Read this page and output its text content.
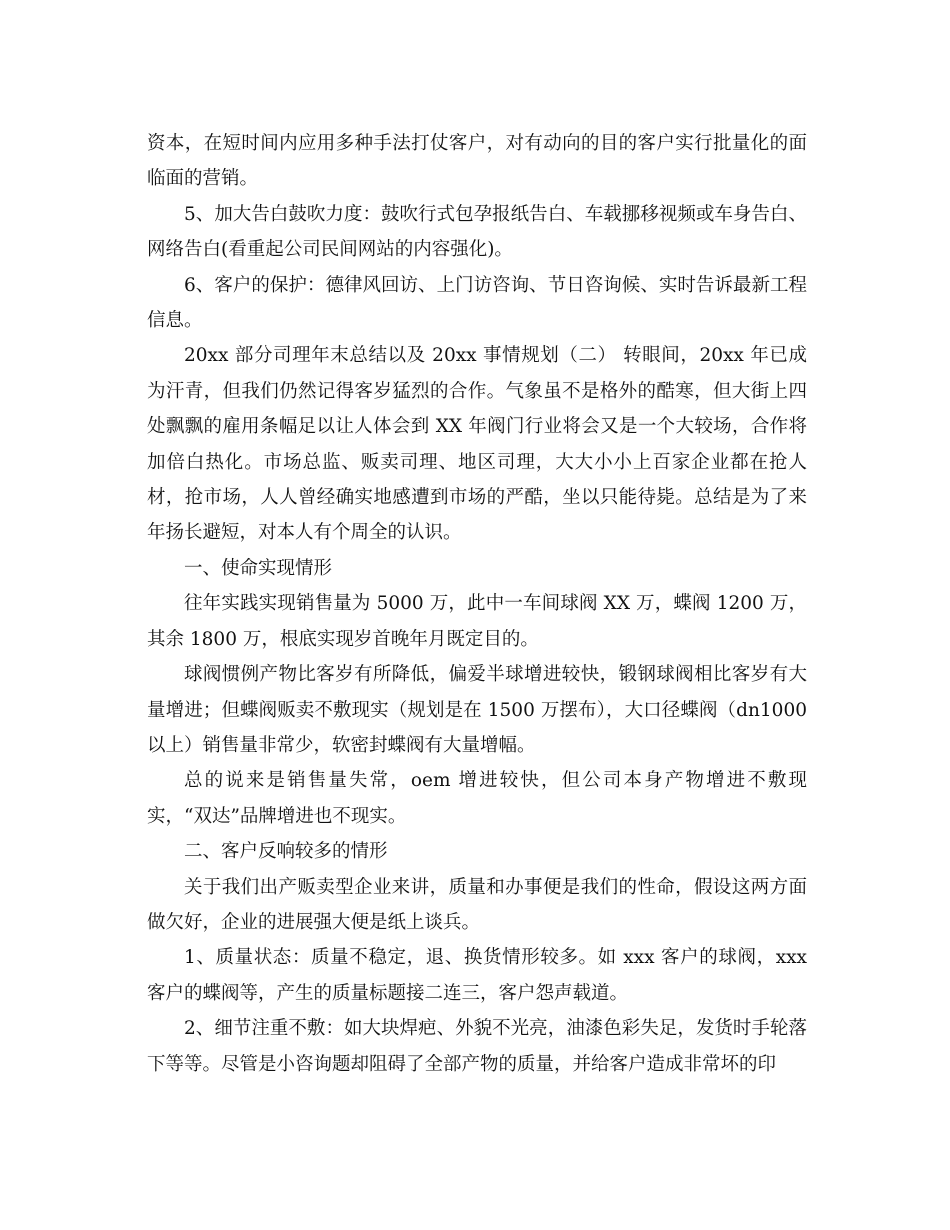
资本，在短时间内应用多种手法打仗客户，对有动向的目的客户实行批量化的面临面的营销。

5、加大告白鼓吹力度：鼓吹行式包孕报纸告白、车载挪移视频或车身告白、网络告白(看重起公司民间网站的内容强化)。

6、客户的保护：德律风回访、上门访咨询、节日咨询候、实时告诉最新工程信息。

20xx 部分司理年末总结以及 20xx 事情规划（二） 转眼间，20xx 年已成为汗青，但我们仍然记得客岁猛烈的合作。气象虽不是格外的酷寒，但大街上四处飘飘的雇用条幅足以让人体会到 XX 年阀门行业将会又是一个大较场，合作将加倍白热化。市场总监、贩卖司理、地区司理，大大小小上百家企业都在抢人材，抢市场，人人曾经确实地感遭到市场的严酷，坐以只能待毙。总结是为了来年扬长避短，对本人有个周全的认识。

一、使命实现情形

往年实践实现销售量为 5000 万，此中一车间球阀 XX 万，蝶阀 1200 万，其余 1800 万，根底实现岁首晚年月既定目的。

球阀惯例产物比客岁有所降低，偏爱半球增进较快，锻钢球阀相比客岁有大量增进；但蝶阀贩卖不敷现实（规划是在 1500 万摆布），大口径蝶阀（dn1000 以上）销售量非常少，软密封蝶阀有大量增幅。

总的说来是销售量失常，oem 增进较快，但公司本身产物增进不敷现实，“双达”品牌增进也不现实。

二、客户反响较多的情形

关于我们出产贩卖型企业来讲，质量和办事便是我们的性命，假设这两方面做欠好，企业的进展强大便是纸上谈兵。

1、质量状态：质量不稳定，退、换货情形较多。如 xxx 客户的球阀，xxx 客户的蝶阀等，产生的质量标题接二连三，客户怨声载道。

2、细节注重不敷：如大块焊疤、外貌不光亮，油漆色彩失足，发货时手轮落下等等。尽管是小咨询题却阻碍了全部产物的质量，并给客户造成非常坏的印
